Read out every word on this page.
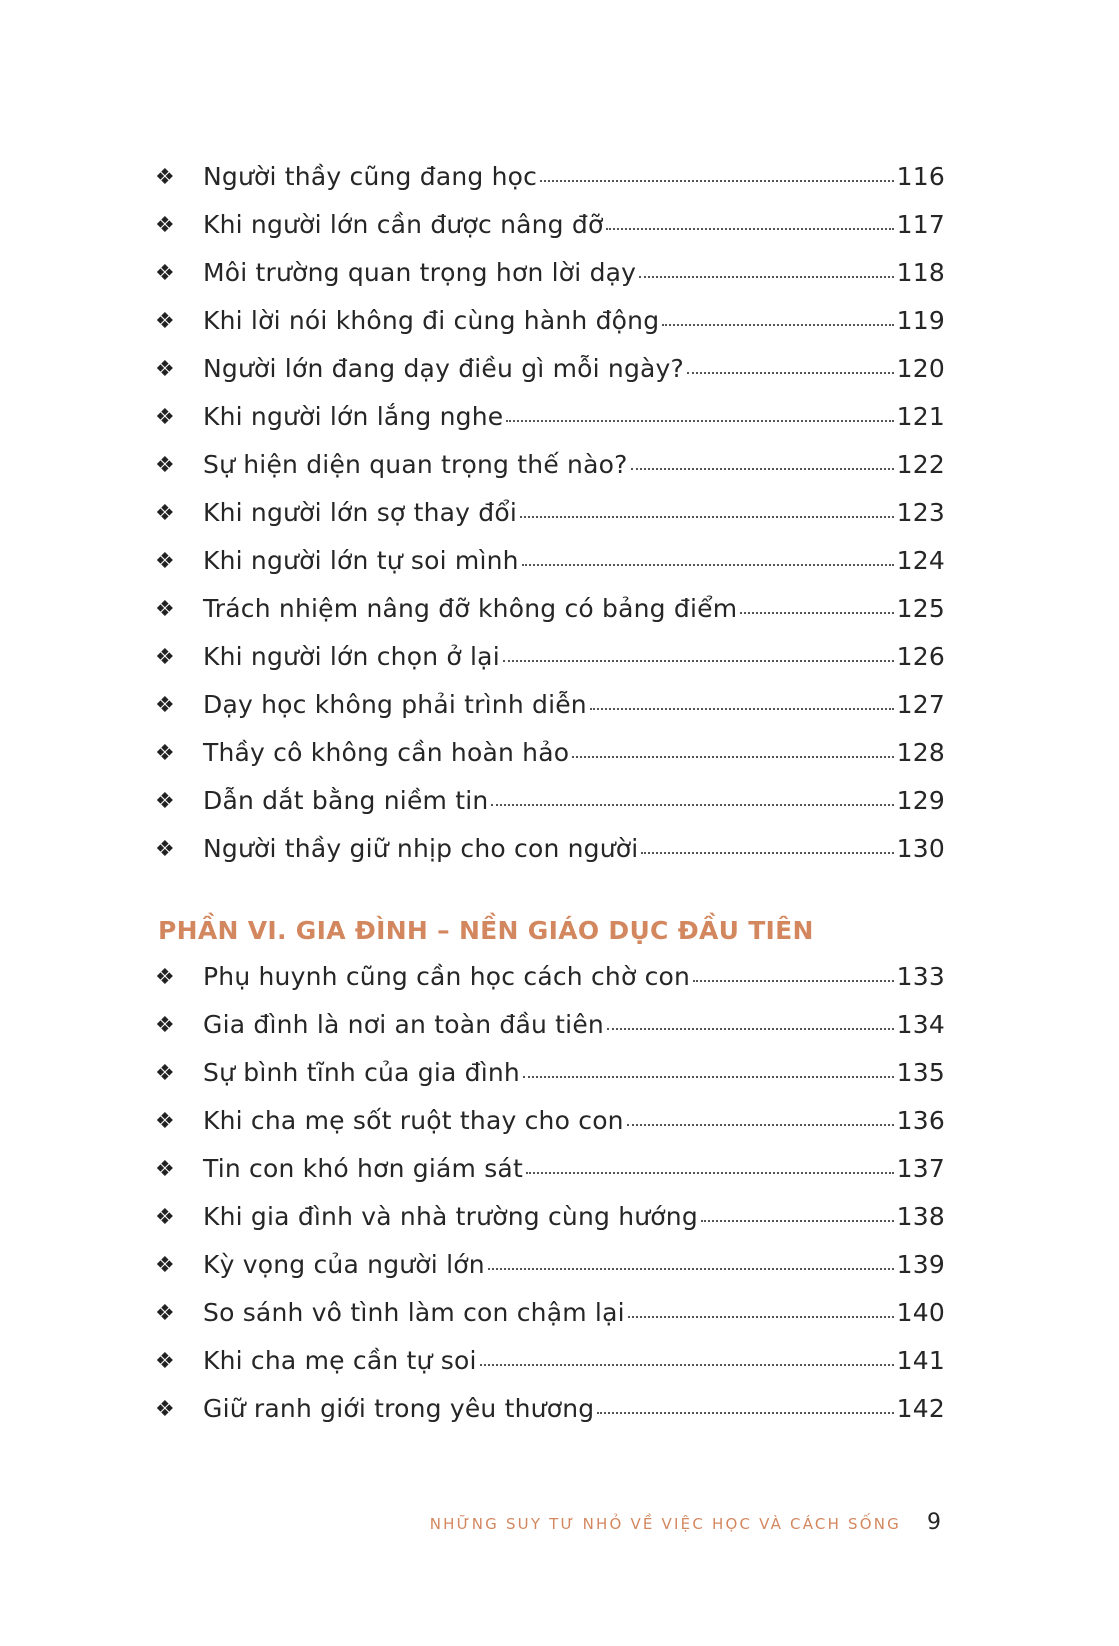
❖	Người thầy cũng đang học	116
❖	Khi người lớn cần được nâng đỡ	117
❖	Môi trường quan trọng hơn lời dạy	118
❖	Khi lời nói không đi cùng hành động	119
❖	Người lớn đang dạy điều gì mỗi ngày?	120
❖	Khi người lớn lắng nghe	121
❖	Sự hiện diện quan trọng thế nào?	122
❖	Khi người lớn sợ thay đổi	123
❖	Khi người lớn tự soi mình	124
❖	Trách nhiệm nâng đỡ không có bảng điểm	125
❖	Khi người lớn chọn ở lại	126
❖	Dạy học không phải trình diễn	127
❖	Thầy cô không cần hoàn hảo	128
❖	Dẫn dắt bằng niềm tin	129
❖	Người thầy giữ nhịp cho con người	130
PHẦN VI. GIA ĐÌNH – NỀN GIÁO DỤC ĐẦU TIÊN
❖	Phụ huynh cũng cần học cách chờ con	133
❖	Gia đình là nơi an toàn đầu tiên	134
❖	Sự bình tĩnh của gia đình	135
❖	Khi cha mẹ sốt ruột thay cho con	136
❖	Tin con khó hơn giám sát	137
❖	Khi gia đình và nhà trường cùng hướng	138
❖	Kỳ vọng của người lớn	139
❖	So sánh vô tình làm con chậm lại	140
❖	Khi cha mẹ cần tự soi	141
❖	Giữ ranh giới trong yêu thương	142
NHỮNG SUY TƯ NHỎ VỀ VIỆC HỌC VÀ CÁCH SỐNG 9
